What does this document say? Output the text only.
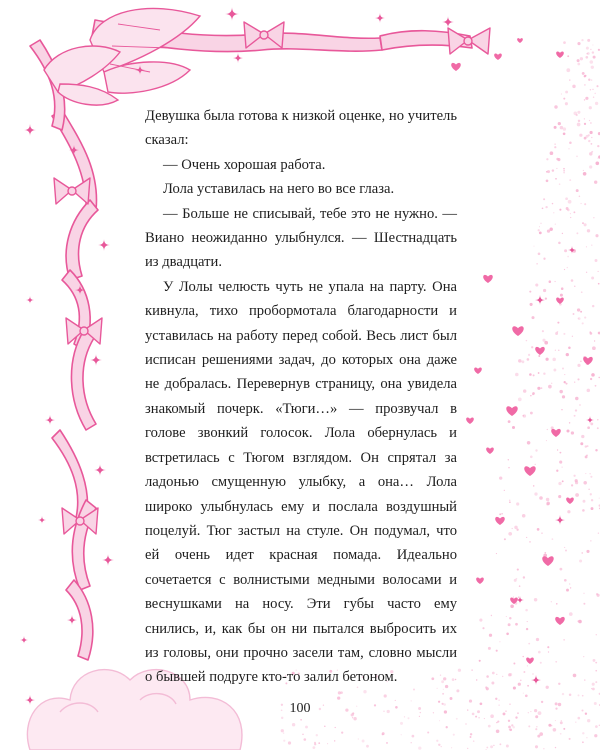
Девушка была готова к низкой оценке, но учитель сказал:

— Очень хорошая работа.

Лола уставилась на него во все глаза.

— Больше не списывай, тебе это не нужно. — Виано неожиданно улыбнулся. — Шестнадцать из двадцати.

У Лолы челюсть чуть не упала на парту. Она кивнула, тихо пробормотала благодарности и уставилась на работу перед собой. Весь лист был исписан решениями задач, до которых она даже не добралась. Перевернув страницу, она увидела знакомый почерк. «Тюги…» — прозвучал в голове звонкий голосок. Лола обернулась и встретилась с Тюгом взглядом. Он спрятал за ладонью смущенную улыбку, а она… Лола широко улыбнулась ему и послала воздушный поцелуй. Тюг застыл на стуле. Он подумал, что ей очень идет красная помада. Идеально сочетается с волнистыми медными волосами и веснушками на носу. Эти губы часто ему снились, и, как бы он ни пытался выбросить их из головы, они прочно засели там, словно мысли о бывшей подруге кто-то залил бетоном.

100
